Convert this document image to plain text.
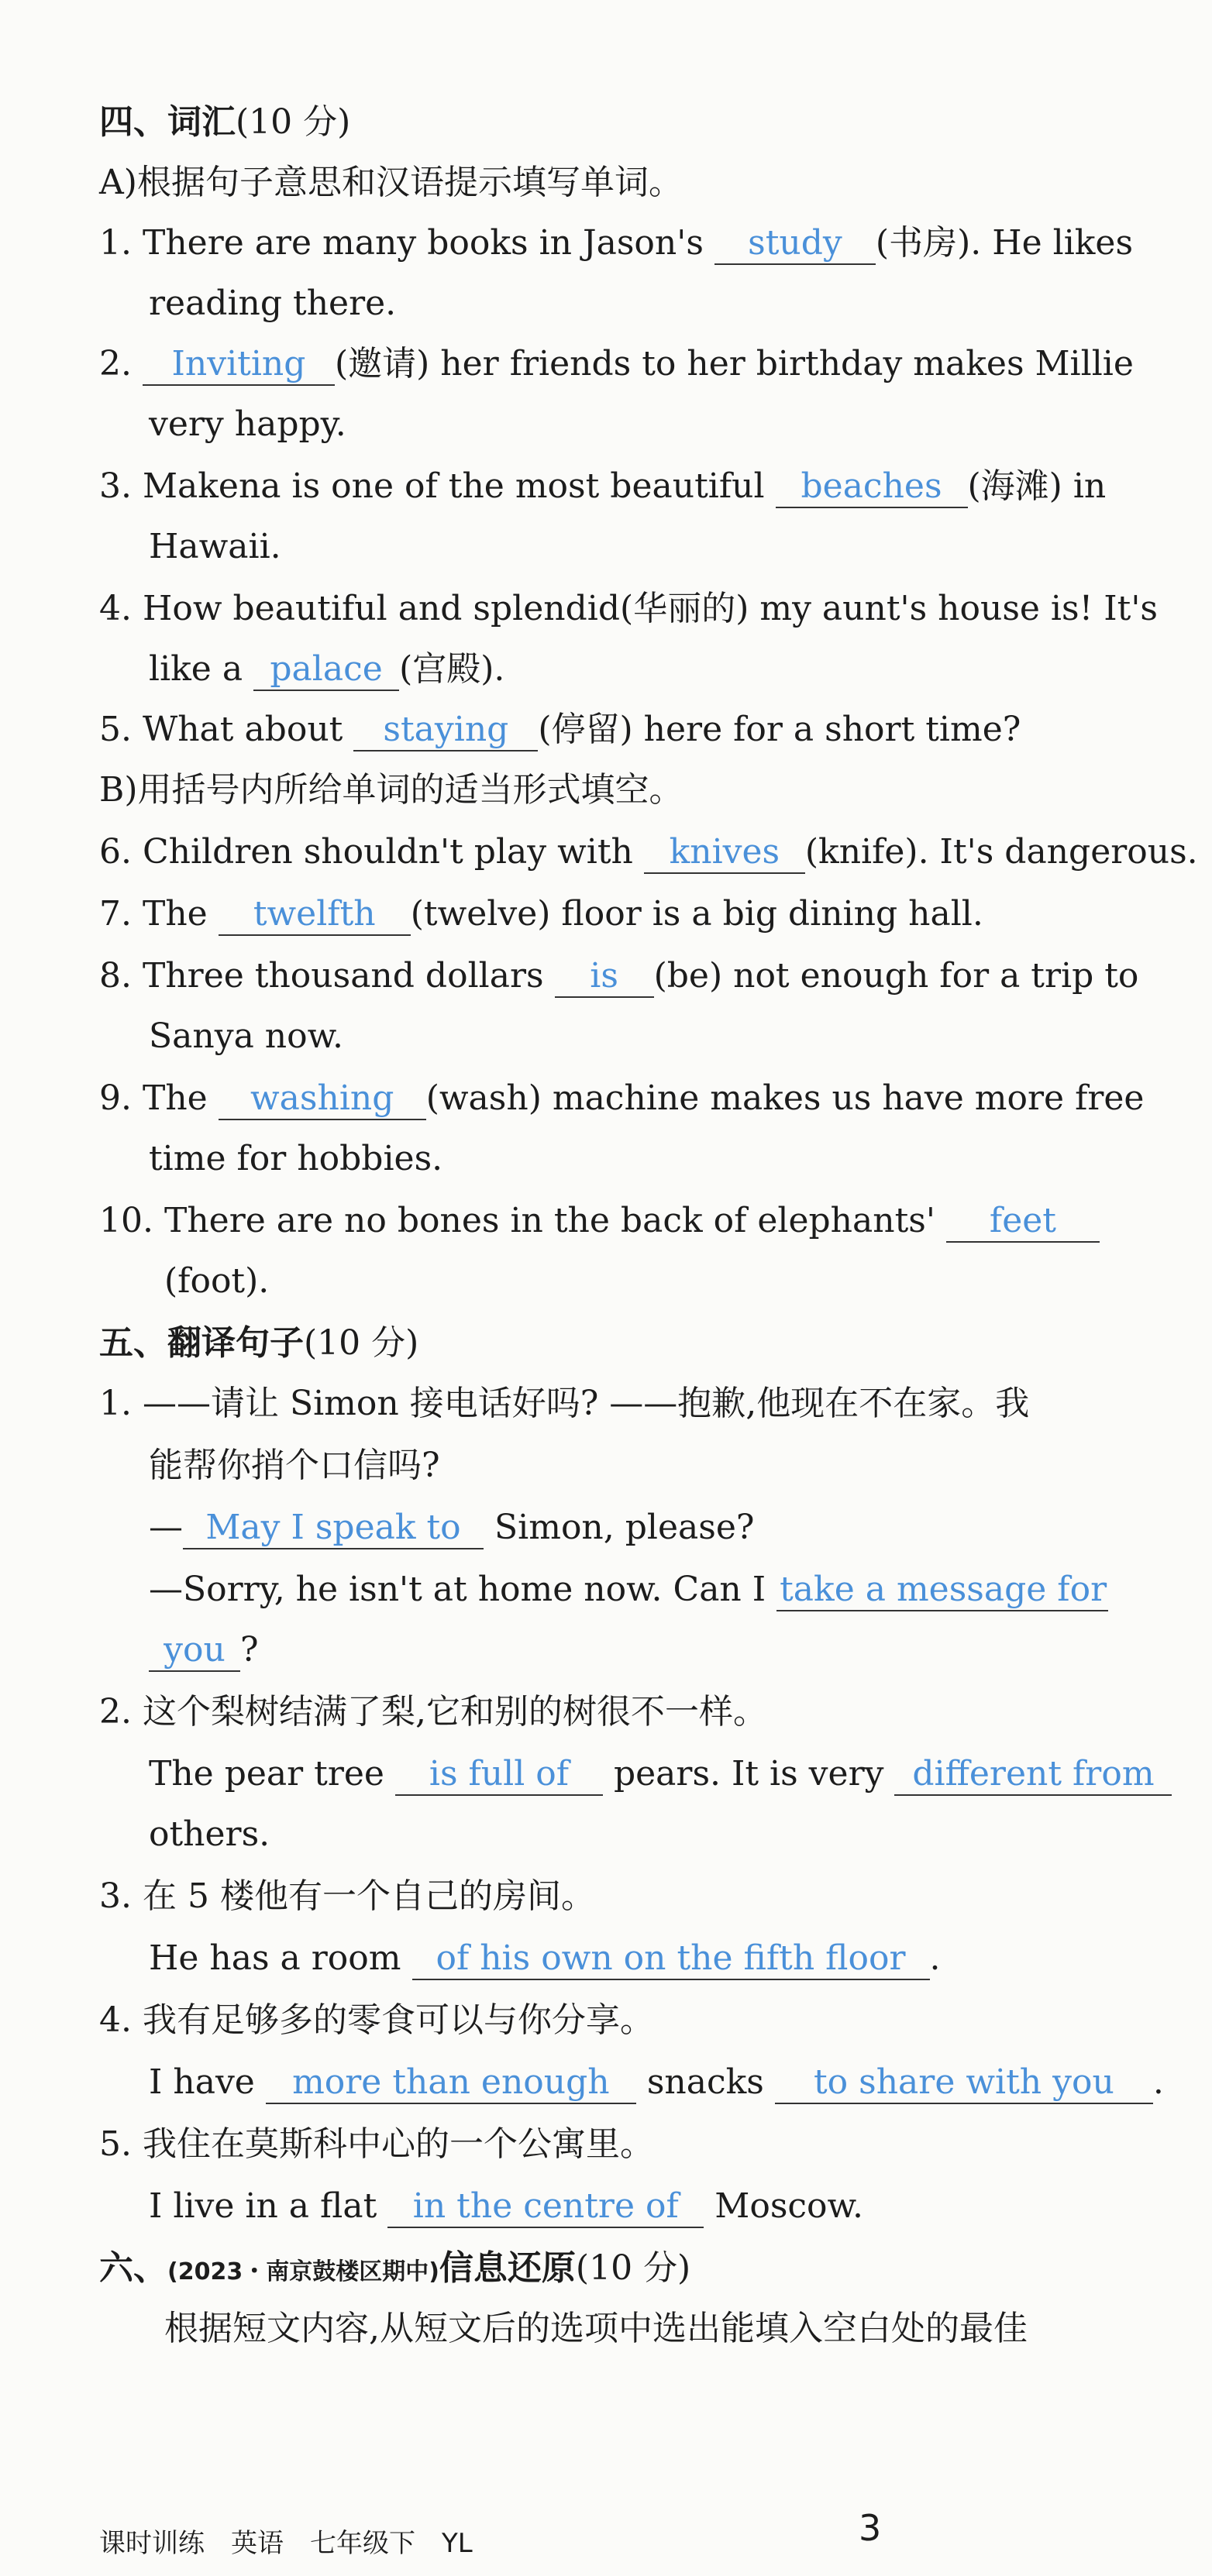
四、词汇(10 分)
A)根据句子意思和汉语提示填写单词。
1. There are many books in Jason's study (书房). He likes
reading there.
2. Inviting (邀请) her friends to her birthday makes Millie
very happy.
3. Makena is one of the most beautiful beaches (海滩) in
Hawaii.
4. How beautiful and splendid(华丽的) my aunt's house is! It's
like a palace (宫殿).
5. What about staying (停留) here for a short time?
B)用括号内所给单词的适当形式填空。
6. Children shouldn't play with knives (knife). It's dangerous.
7. The twelfth (twelve) floor is a big dining hall.
8. Three thousand dollars is (be) not enough for a trip to
Sanya now.
9. The washing (wash) machine makes us have more free
time for hobbies.
10. There are no bones in the back of elephants' feet
(foot).
五、翻译句子(10 分)
1. ——请让 Simon 接电话好吗? ——抱歉,他现在不在家。我
能帮你捎个口信吗?
— May I speak to Simon, please?
—Sorry, he isn't at home now. Can I take a message for
you ?
2. 这个梨树结满了梨,它和别的树很不一样。
The pear tree is full of pears. It is very different from
others.
3. 在 5 楼他有一个自己的房间。
He has a room of his own on the fifth floor .
4. 我有足够多的零食可以与你分享。
I have more than enough snacks to share with you .
5. 我住在莫斯科中心的一个公寓里。
I live in a flat in the centre of Moscow.
六、(2023・南京鼓楼区期中)信息还原(10 分)
根据短文内容,从短文后的选项中选出能填入空白处的最佳
课时训练　英语　七年级下　YL	3
